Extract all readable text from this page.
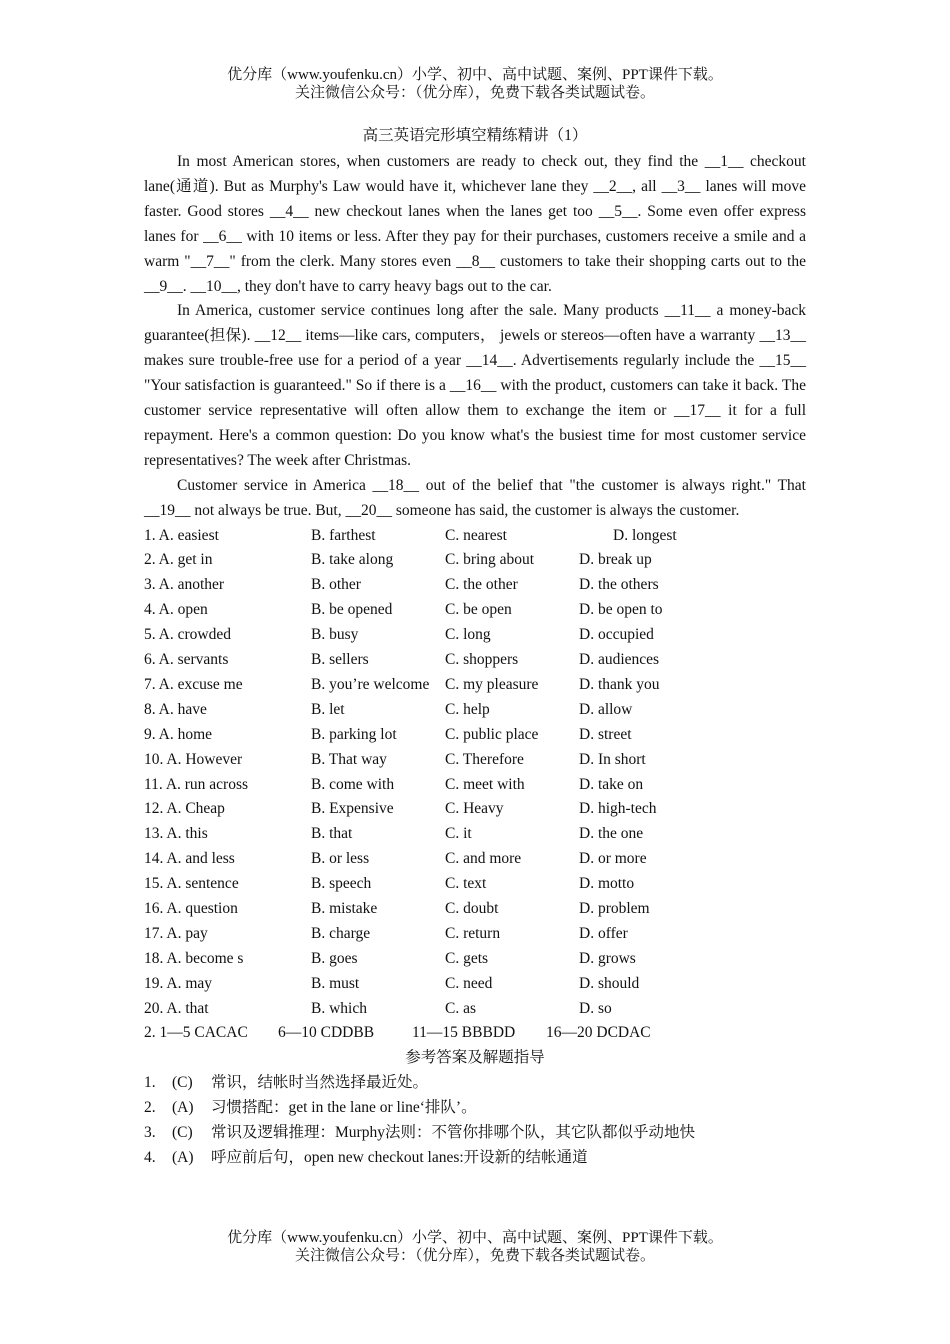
优分库（www.youfenku.cn）小学、初中、高中试题、案例、PPT课件下载。
关注微信公众号：（优分库），免费下载各类试题试卷。
高三英语完形填空精练精讲（1）

In most American stores, when customers are ready to check out, they find the __1__ checkout lane(通道). But as Murphy's Law would have it, whichever lane they __2__, all __3__ lanes will move faster. Good stores __4__ new checkout lanes when the lanes get too __5__. Some even offer express lanes for __6__ with 10 items or less. After they pay for their purchases, customers receive a smile and a warm "__7__" from the clerk. Many stores even __8__ customers to take their shopping carts out to the __9__. __10__, they don't have to carry heavy bags out to the car.

In America, customer service continues long after the sale. Many products __11__ a money-back guarantee(担保). __12__ items—like cars, computers， jewels or stereos—often have a warranty __13__ makes sure trouble-free use for a period of a year __14__. Advertisements regularly include the __15__ "Your satisfaction is guaranteed." So if there is a __16__ with the product, customers can take it back. The customer service representative will often allow them to exchange the item or __17__ it for a full repayment. Here's a common question: Do you know what's the busiest time for most customer service representatives? The week after Christmas.

Customer service in America __18__ out of the belief that "the customer is always right." That __19__ not always be true. But, __20__ someone has said, the customer is always the customer.

1. A. easiest	B. farthest	C. nearest	D. longest
2. A. get in	B. take along	C. bring about	D. break up
3. A. another	B. other	C. the other	D. the others
4. A. open	B. be opened	C. be open	D. be open to
5. A. crowded	B. busy	C. long	D. occupied
6. A. servants	B. sellers	C. shoppers	D. audiences
7. A. excuse me	B. you’re welcome C. my pleasure	D. thank you
8. A. have	B. let	C. help	D. allow
9. A. home	B. parking lot	C. public place	D. street
10. A. However	B. That way	C. Therefore	D. In short
11. A. run across	B. come with	C. meet with	D. take on
12. A. Cheap	B. Expensive	C. Heavy	D. high-tech
13. A. this	B. that	C. it	D. the one
14. A. and less	B. or less	C. and more	D. or more
15. A. sentence	B. speech	C. text	D. motto
16. A. question	B. mistake	C. doubt	D. problem
17. A. pay	B. charge	C. return	D. offer
18. A. become s	B. goes	C. gets	D. grows
19. A. may	B. must	C. need	D. should
20. A. that	B. which	C. as	D. so
2. 1—5 CACAC 6—10 CDDBB 11—15 BBBDD 16—20 DCDAC
参考答案及解题指导
1. (C) 常识，结帐时当然选择最近处。
2. (A) 习惯搭配：get in the lane or line‘排队’。
3. (C) 常识及逻辑推理：Murphy法则：不管你排哪个队，其它队都似乎动地快
4. (A) 呼应前后句，open new checkout lanes:开设新的结帐通道
优分库（www.youfenku.cn）小学、初中、高中试题、案例、PPT课件下载。
关注微信公众号：（优分库），免费下载各类试题试卷。
